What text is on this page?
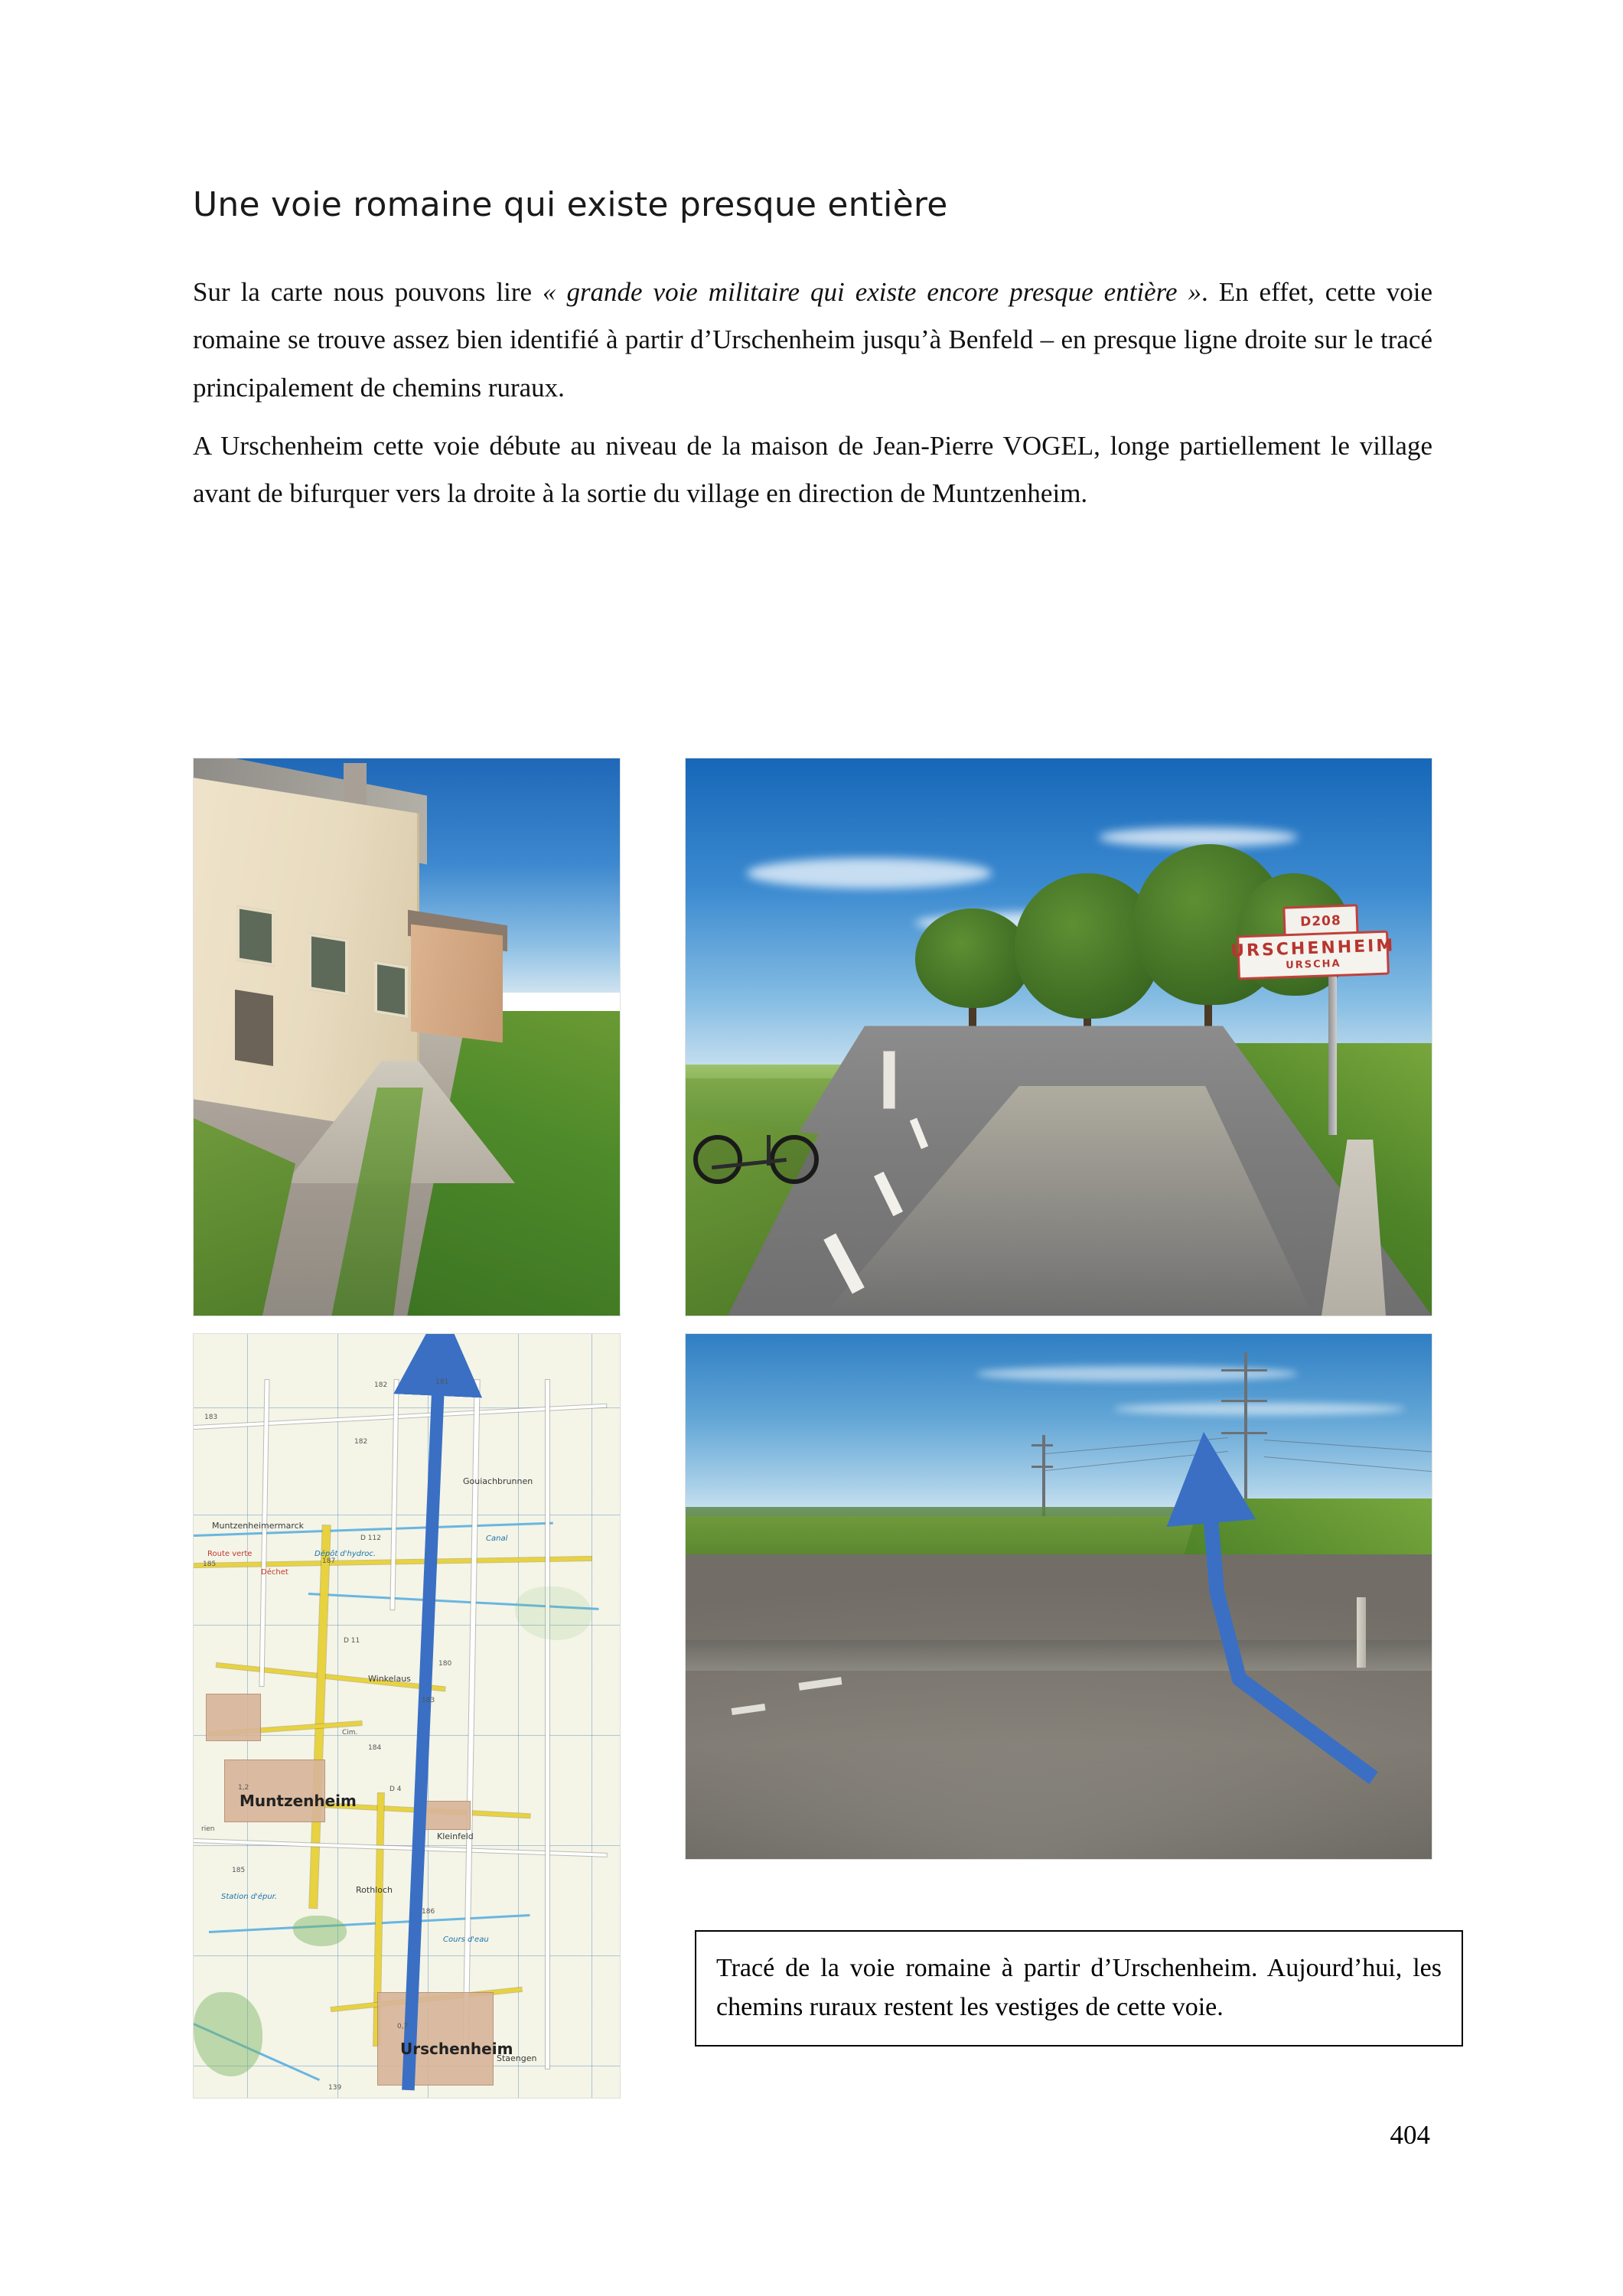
Une voie romaine qui existe presque entière

Sur la carte nous pouvons lire « grande voie militaire qui existe encore presque entière ». En effet, cette voie romaine se trouve assez bien identifié à partir d’Urschenheim jusqu’à Benfeld – en presque ligne droite sur le tracé principalement de chemins ruraux.

A Urschenheim cette voie débute au niveau de la maison de Jean-Pierre VOGEL, longe partiellement le village avant de bifurquer vers la droite à la sortie du village en direction de Muntzenheim.

D208
URSCHENHEIM
URSCHA
Muntzenheim
Urschenheim
Muntzenheimermarck
Gouiachbrunnen
Winkelaus
Kleinfeld
Rothloch
Staengen
Déchet
Route verte	Dépôt d'hydroc.
Canal
Station d'épur.
Cours d'eau
Cim.
D 112
D 11
D 4
182	181
183
182
185	187
184
185
186
180
183
1,2
0,7
rien
139

Tracé de la voie romaine à partir d’Urschenheim. Aujourd’hui, les chemins ruraux restent les vestiges de cette voie.

404
